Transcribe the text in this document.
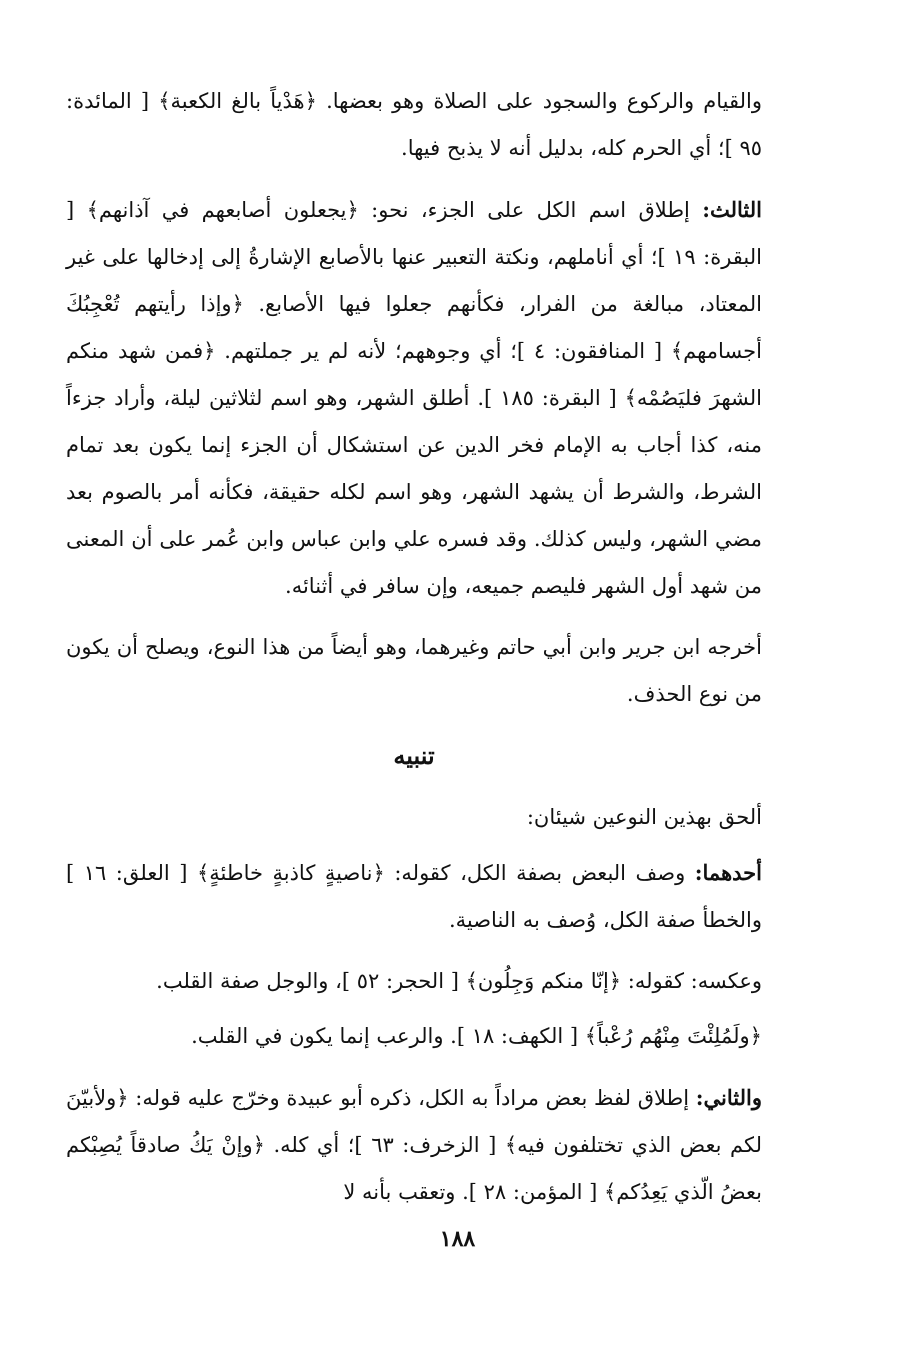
والقيام والركوع والسجود على الصلاة وهو بعضها. ﴿هَدْياً بالغ الكعبة﴾ [ المائدة: ٩٥ ]؛ أي الحرم كله، بدليل أنه لا يذبح فيها.

الثالث: إطلاق اسم الكل على الجزء، نحو: ﴿يجعلون أصابعهم في آذانهم﴾ [ البقرة: ١٩ ]؛ أي أناملهم، ونكتة التعبير عنها بالأصابع الإشارةُ إلى إدخالها على غير المعتاد، مبالغة من الفرار، فكأنهم جعلوا فيها الأصابع. ﴿وإذا رأيتهم تُعْجِبُكَ أجسامهم﴾ [ المنافقون: ٤ ]؛ أي وجوههم؛ لأنه لم ير جملتهم. ﴿فمن شهد منكم الشهرَ فليَصُمْه﴾ [ البقرة: ١٨٥ ]. أطلق الشهر، وهو اسم لثلاثين ليلة، وأراد جزءاً منه، كذا أجاب به الإمام فخر الدين عن استشكال أن الجزء إنما يكون بعد تمام الشرط، والشرط أن يشهد الشهر، وهو اسم لكله حقيقة، فكأنه أمر بالصوم بعد مضي الشهر، وليس كذلك. وقد فسره علي وابن عباس وابن عُمر على أن المعنى من شهد أول الشهر فليصم جميعه، وإن سافر في أثنائه.

أخرجه ابن جرير وابن أبي حاتم وغيرهما، وهو أيضاً من هذا النوع، ويصلح أن يكون من نوع الحذف.

تنبيه

ألحق بهذين النوعين شيئان:

أحدهما: وصف البعض بصفة الكل، كقوله: ﴿ناصيةٍ كاذبةٍ خاطئةٍ﴾ [ العلق: ١٦ ] والخطأ صفة الكل، وُصف به الناصية.

وعكسه: كقوله: ﴿إنّا منكم وَجِلُون﴾ [ الحجر: ٥٢ ]، والوجل صفة القلب.

﴿ولَمُلِئْتَ مِنْهُم رُعْباً﴾ [ الكهف: ١٨ ]. والرعب إنما يكون في القلب.

والثاني: إطلاق لفظ بعض مراداً به الكل، ذكره أبو عبيدة وخرّج عليه قوله: ﴿ولأبيّنَ لكم بعض الذي تختلفون فيه﴾ [ الزخرف: ٦٣ ]؛ أي كله. ﴿وإنْ يَكُ صادقاً يُصِبْكم بعضُ الّذي يَعِدُكم﴾ [ المؤمن: ٢٨ ]. وتعقب بأنه لا

١٨٨
